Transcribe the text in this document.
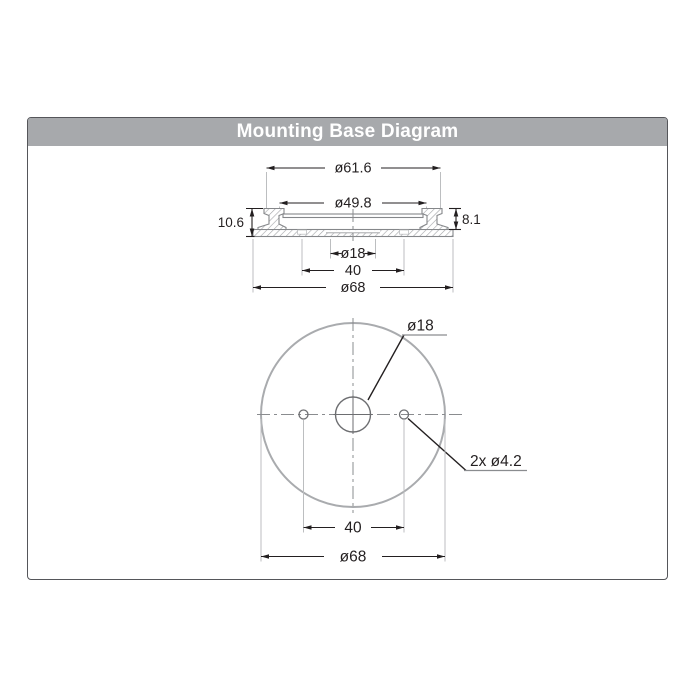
Mounting Base Diagram
ø61.6
ø49.8
10.6	8.1
ø18
40
ø68
ø18
2x ø4.2
40
ø68
